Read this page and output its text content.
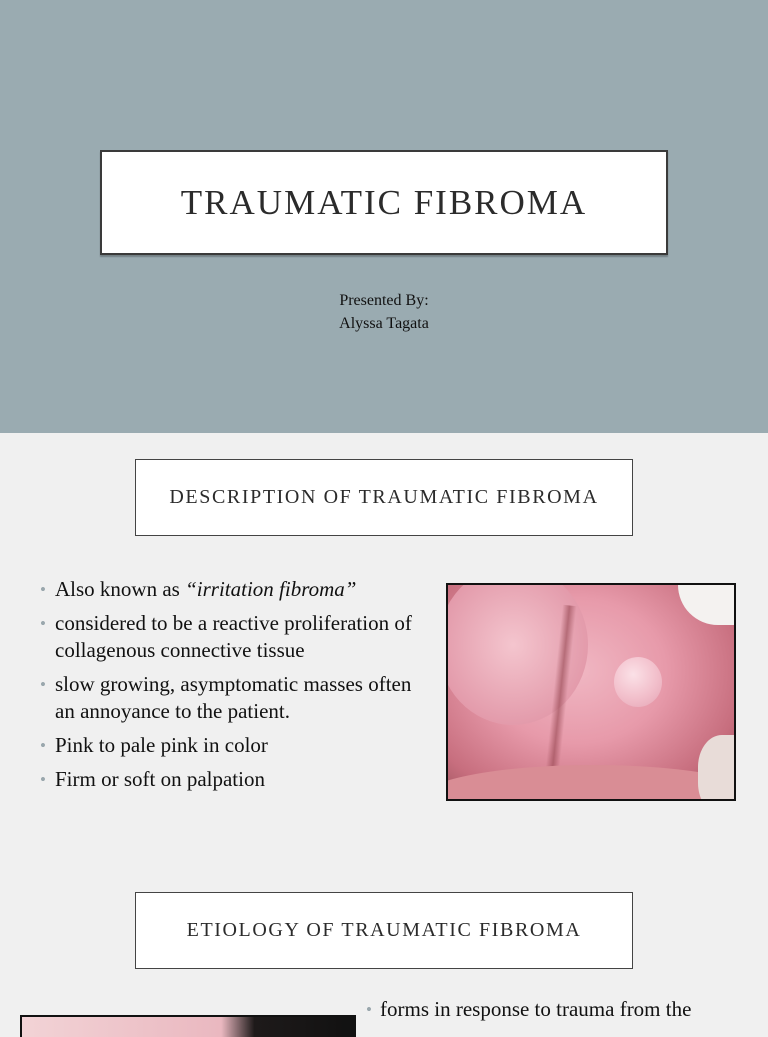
TRAUMATIC FIBROMA
Presented By:
Alyssa Tagata
DESCRIPTION OF TRAUMATIC FIBROMA
• Also known as “irritation fibroma”
• considered to be a reactive proliferation of collagenous connective tissue
• slow growing, asymptomatic masses often an annoyance to the patient.
• Pink to pale pink in color
• Firm or soft on palpation
ETIOLOGY OF TRAUMATIC FIBROMA
• forms in response to trauma from the
